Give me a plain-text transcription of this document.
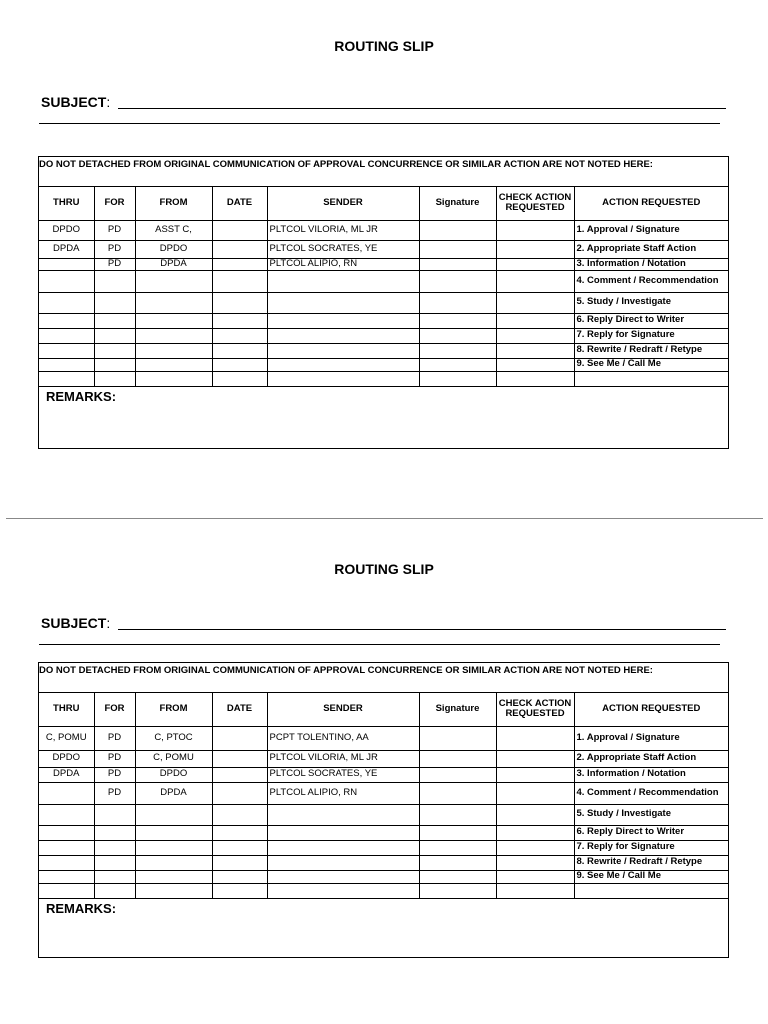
ROUTING SLIP
SUBJECT:
DO NOT DETACHED FROM ORIGINAL COMMUNICATION OF APPROVAL CONCURRENCE OR SIMILAR ACTION ARE NOT NOTED HERE:
THRU	FOR	FROM	DATE	SENDER	Signature	CHECK ACTION REQUESTED	ACTION REQUESTED
DPDO	PD	ASST C,		PLTCOL VILORIA, ML JR			1. Approval / Signature
DPDA	PD	DPDO		PLTCOL SOCRATES, YE			2. Appropriate Staff Action
	PD	DPDA		PLTCOL ALIPIO, RN			3. Information / Notation
							4. Comment / Recommendation
							5. Study / Investigate
							6. Reply Direct to Writer
							7. Reply for Signature
							8. Rewrite / Redraft / Retype
							9. See Me / Call Me

REMARKS:
ROUTING SLIP
SUBJECT:
DO NOT DETACHED FROM ORIGINAL COMMUNICATION OF APPROVAL CONCURRENCE OR SIMILAR ACTION ARE NOT NOTED HERE:
THRU	FOR	FROM	DATE	SENDER	Signature	CHECK ACTION REQUESTED	ACTION REQUESTED
C, POMU	PD	C, PTOC		PCPT TOLENTINO, AA			1. Approval / Signature
DPDO	PD	C, POMU		PLTCOL VILORIA, ML JR			2. Appropriate Staff Action
DPDA	PD	DPDO		PLTCOL SOCRATES, YE			3. Information / Notation
	PD	DPDA		PLTCOL ALIPIO, RN			4. Comment / Recommendation
							5. Study / Investigate
							6. Reply Direct to Writer
							7. Reply for Signature
							8. Rewrite / Redraft / Retype
							9. See Me / Call Me

REMARKS:
